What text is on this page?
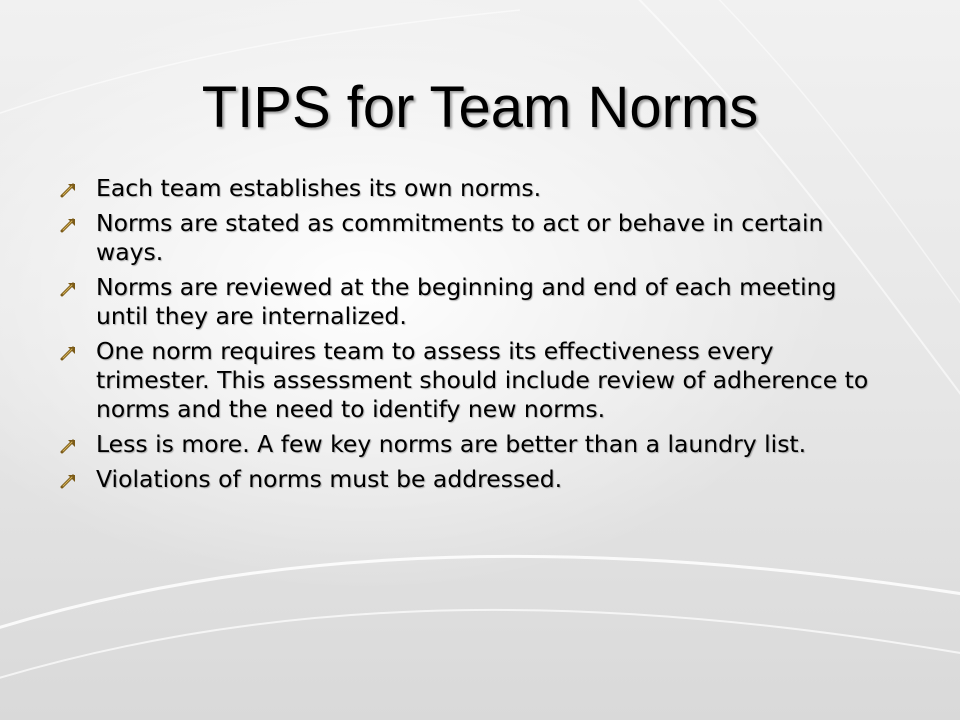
TIPS for Team Norms
Each team establishes its own norms.
Norms are stated as commitments to act or behave in certain ways.
Norms are reviewed at the beginning and end of each meeting until they are internalized.
One norm requires team to assess its effectiveness every trimester. This assessment should include review of adherence to norms and the need to identify new norms.
Less is more. A few key norms are better than a laundry list.
Violations of norms must be addressed.
